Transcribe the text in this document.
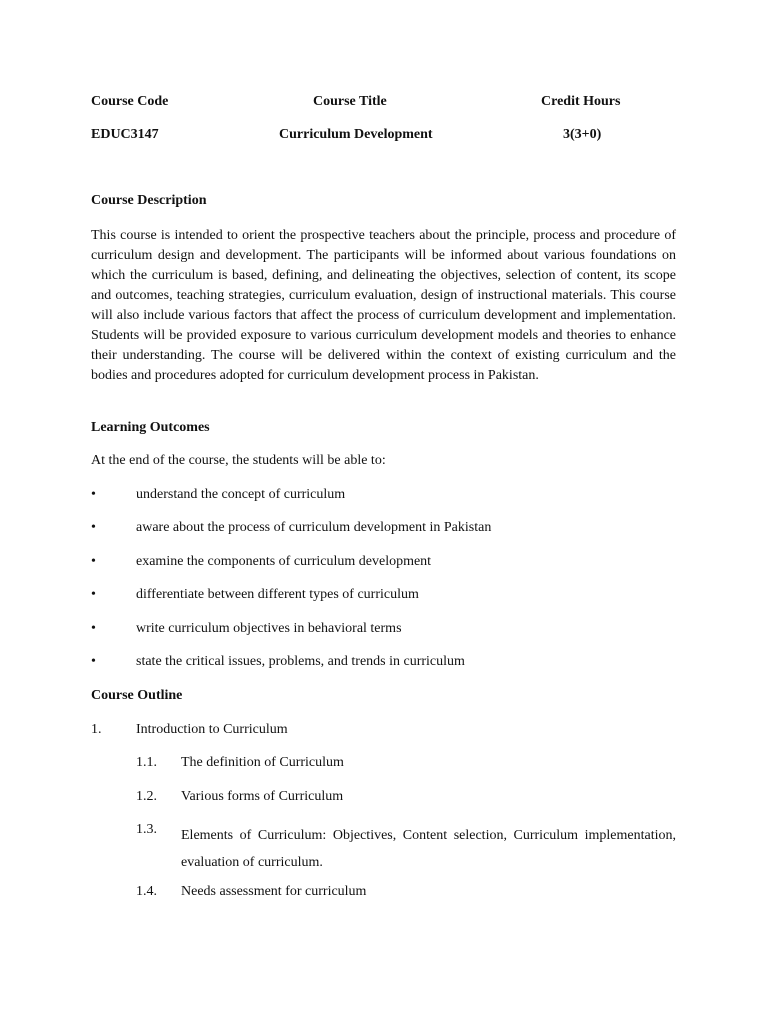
Course Code	Course Title	Credit Hours
EDUC3147	Curriculum Development	3(3+0)
Course Description

This course is intended to orient the prospective teachers about the principle, process and procedure of curriculum design and development. The participants will be informed about various foundations on which the curriculum is based, defining, and delineating the objectives, selection of content, its scope and outcomes, teaching strategies, curriculum evaluation, design of instructional materials. This course will also include various factors that affect the process of curriculum development and implementation. Students will be provided exposure to various curriculum development models and theories to enhance their understanding. The course will be delivered within the context of existing curriculum and the bodies and procedures adopted for curriculum development process in Pakistan.

Learning Outcomes
At the end of the course, the students will be able to:
•	understand the concept of curriculum
•	aware about the process of curriculum development in Pakistan
•	examine the components of curriculum development
•	differentiate between different types of curriculum
•	write curriculum objectives in behavioral terms
•	state the critical issues, problems, and trends in curriculum
Course Outline
1. Introduction to Curriculum
1.1. The definition of Curriculum
1.2. Various forms of Curriculum
1.3. Elements of Curriculum: Objectives, Content selection, Curriculum implementation, evaluation of curriculum.

1.4. Needs assessment for curriculum
